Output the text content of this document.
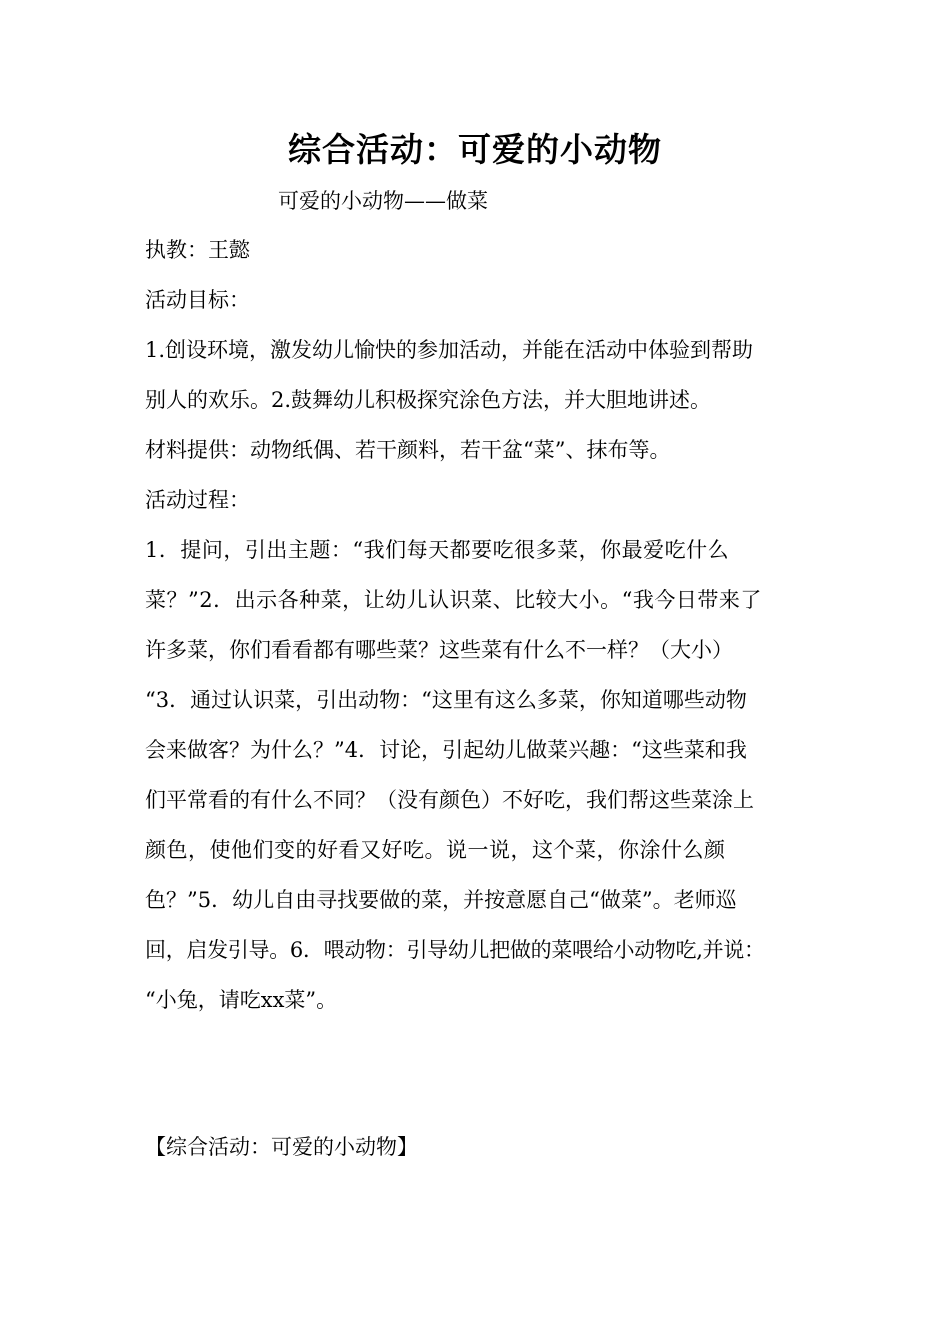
综合活动：可爱的小动物

可爱的小动物——做菜

执教：王懿

活动目标：

1.创设环境，激发幼儿愉快的参加活动，并能在活动中体验到帮助

别人的欢乐。2.鼓舞幼儿积极探究涂色方法，并大胆地讲述。

材料提供：动物纸偶、若干颜料，若干盆“菜”、抹布等。

活动过程：

1．提问，引出主题：“我们每天都要吃很多菜，你最爱吃什么

菜？”2．出示各种菜，让幼儿认识菜、比较大小。“我今日带来了

许多菜，你们看看都有哪些菜？这些菜有什么不一样？（大小）

“3．通过认识菜，引出动物：“这里有这么多菜，你知道哪些动物

会来做客？为什么？”4．讨论，引起幼儿做菜兴趣：“这些菜和我

们平常看的有什么不同？（没有颜色）不好吃，我们帮这些菜涂上

颜色，使他们变的好看又好吃。说一说，这个菜，你涂什么颜

色？”5．幼儿自由寻找要做的菜，并按意愿自己“做菜”。老师巡

回，启发引导。6．喂动物：引导幼儿把做的菜喂给小动物吃,并说：

“小兔，请吃xx菜”。

【综合活动：可爱的小动物】
